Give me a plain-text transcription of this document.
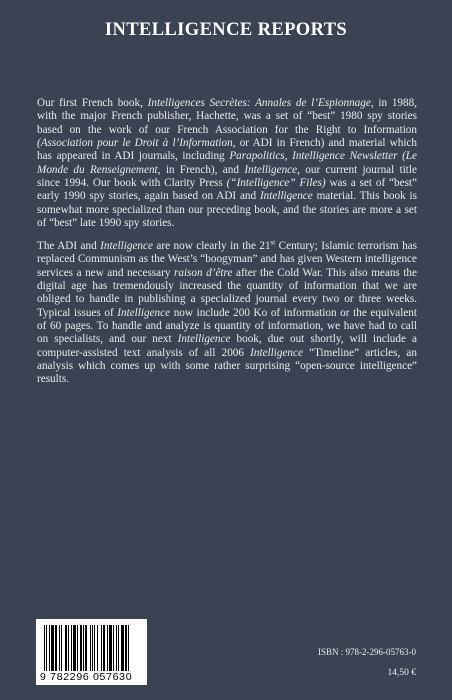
INTELLIGENCE REPORTS

Our first French book, Intelligences Secrètes: Annales de l’Espionnage, in 1988, with the major French publisher, Hachette, was a set of “best” 1980 spy stories based on the work of our French Association for the Right to Information (Association pour le Droit à l’Information, or ADI in French) and material which has appeared in ADI journals, including Parapolitics, Intelligence Newsletter (Le Monde du Renseignement, in French), and Intelligence, our current journal title since 1994. Our book with Clarity Press (“Intelligence” Files) was a set of “best” early 1990 spy stories, again based on ADI and Intelligence material. This book is somewhat more specialized than our preceding book, and the stories are more a set of “best” late 1990 spy stories.

The ADI and Intelligence are now clearly in the 21st Century; Islamic terrorism has replaced Communism as the West’s “boogyman” and has given Western intelligence services a new and necessary raison d’être after the Cold War. This also means the digital age has tremendously increased the quantity of information that we are obliged to handle in publishing a specialized journal every two or three weeks. Typical issues of Intelligence now include 200 Ko of information or the equivalent of 60 pages. To handle and analyze is quantity of information, we have had to call on specialists, and our next Intelligence book, due out shortly, will include a computer-assisted text analysis of all 2006 Intelligence “Timeline” articles, an analysis which comes up with some rather surprising “open-source intelligence” results.

9 782296 057630
ISBN : 978-2-296-05763-0
14,50 €
